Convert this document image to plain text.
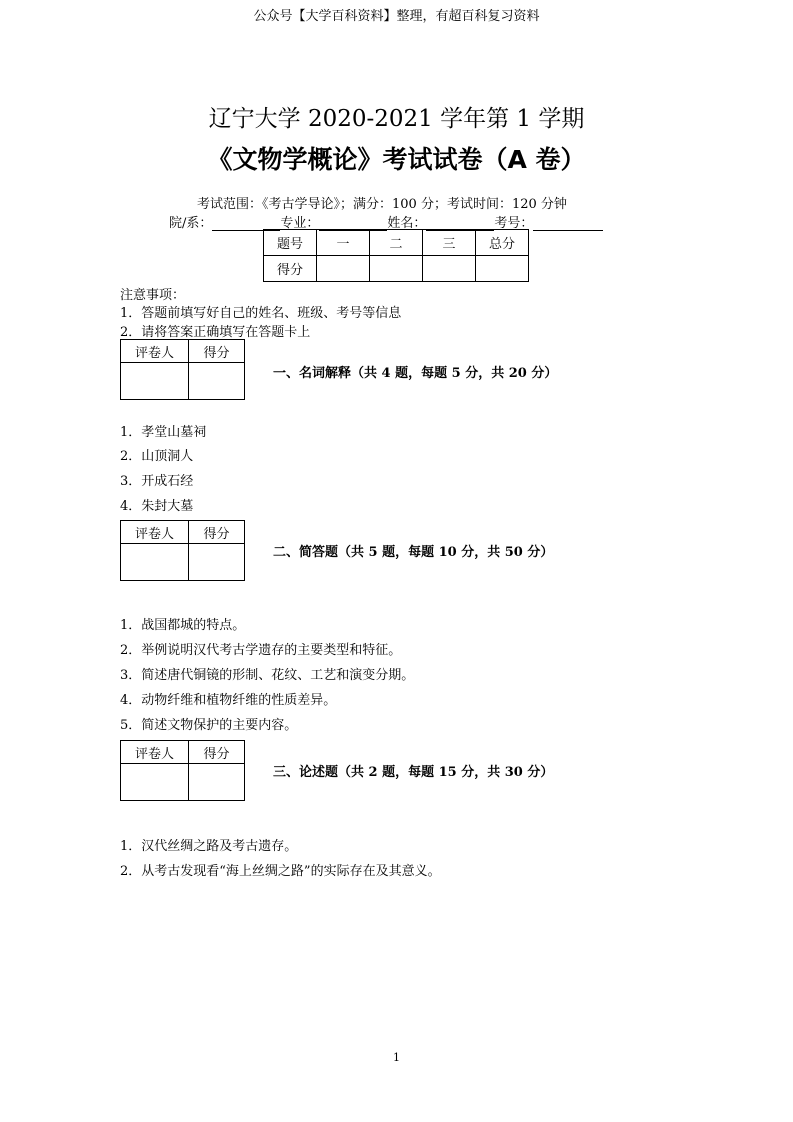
公众号【大学百科资料】整理，有超百科复习资料
辽宁大学 2020-2021 学年第 1 学期
《文物学概论》考试试卷（A 卷）
考试范围：《考古学导论》；满分：100 分；考试时间：120 分钟
院/系：	专业：	姓名：	考号：
题号	一	二	三	总分
得分				
注意事项：
1．答题前填写好自己的姓名、班级、考号等信息
2．请将答案正确填写在答题卡上
评卷人	得分

一、名词解释（共 4 题，每题 5 分，共 20 分）
1．孝堂山墓祠
2．山顶洞人
3．开成石经
4．朱封大墓
评卷人	得分

二、简答题（共 5 题，每题 10 分，共 50 分）
1．战国都城的特点。
2．举例说明汉代考古学遗存的主要类型和特征。
3．简述唐代铜镜的形制、花纹、工艺和演变分期。
4．动物纤维和植物纤维的性质差异。
5．简述文物保护的主要内容。
评卷人	得分

三、论述题（共 2 题，每题 15 分，共 30 分）
1．汉代丝绸之路及考古遗存。
2．从考古发现看“海上丝绸之路”的实际存在及其意义。
1
